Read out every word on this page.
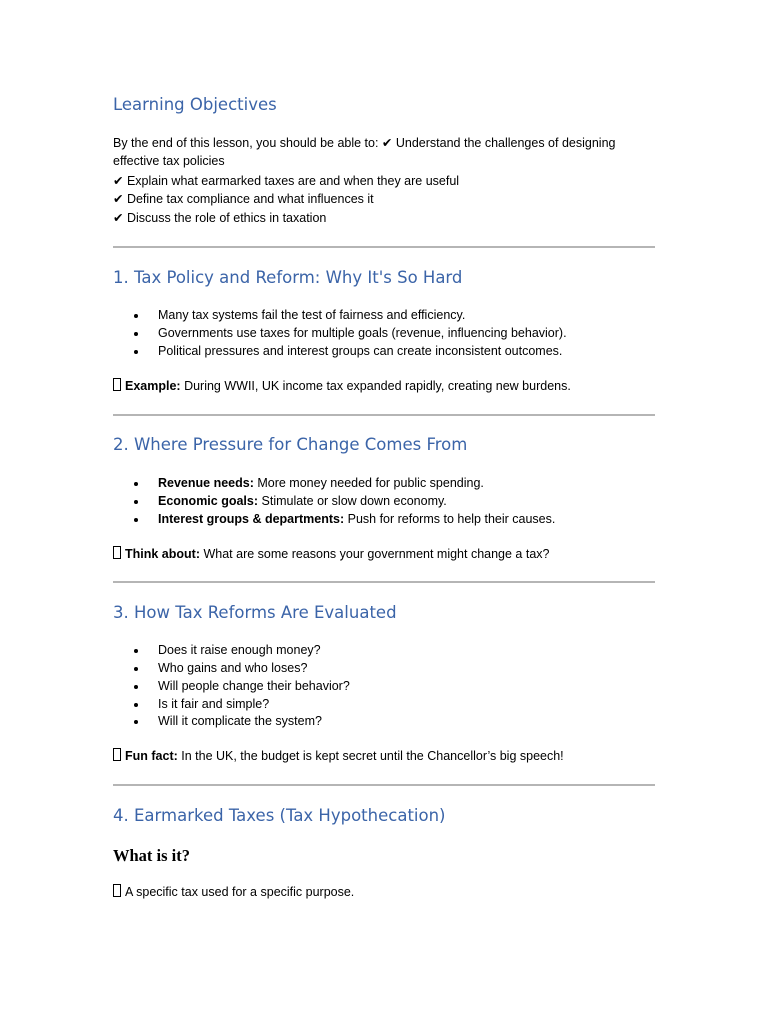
Learning Objectives

By the end of this lesson, you should be able to: ✔ Understand the challenges of designing

effective tax policies

✔ Explain what earmarked taxes are and when they are useful

✔ Define tax compliance and what influences it

✔ Discuss the role of ethics in taxation

1. Tax Policy and Reform: Why It's So Hard

Many tax systems fail the test of fairness and efficiency.

Governments use taxes for multiple goals (revenue, influencing behavior).

Political pressures and interest groups can create inconsistent outcomes.

Example: During WWII, UK income tax expanded rapidly, creating new burdens.

2. Where Pressure for Change Comes From

Revenue needs: More money needed for public spending.

Economic goals: Stimulate or slow down economy.

Interest groups & departments: Push for reforms to help their causes.

Think about: What are some reasons your government might change a tax?

3. How Tax Reforms Are Evaluated

Does it raise enough money?

Who gains and who loses?

Will people change their behavior?

Is it fair and simple?

Will it complicate the system?

Fun fact: In the UK, the budget is kept secret until the Chancellor’s big speech!

4. Earmarked Taxes (Tax Hypothecation)
What is it?

A specific tax used for a specific purpose.
